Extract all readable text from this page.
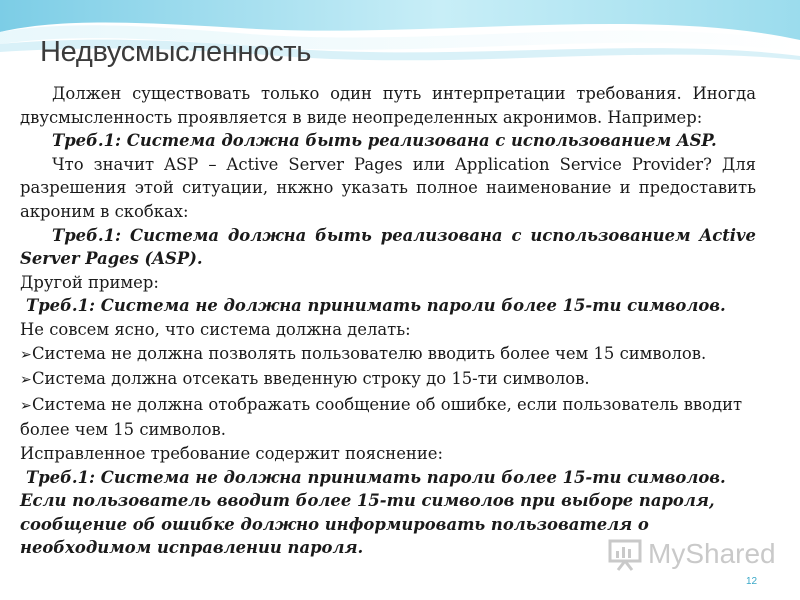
Недвусмысленность

Должен существовать только один путь интерпретации требования. Иногда двусмысленность проявляется в виде неопределенных акронимов. Например:

Треб.1: Система должна быть реализована с использованием ASP.

Что значит ASP – Active Server Pages или Application Service Provider? Для разрешения этой ситуации, нкжно указать полное наименование и предоставить акроним в скобках:

Треб.1: Система должна быть реализована с использованием Active Server Pages (ASP).

Другой пример:

Треб.1: Система не должна принимать пароли более 15-ти символов.

Не совсем ясно, что система должна делать:

➢Система не должна позволять пользователю вводить более чем 15 символов.

➢Система должна отсекать введенную строку до 15-ти символов.

➢Система не должна отображать сообщение об ошибке, если пользователь вводит более чем 15 символов.

Исправленное требование содержит пояснение:

Треб.1: Система не должна принимать пароли более 15-ти символов.

Если пользователь вводит более 15-ти символов при выборе пароля, сообщение об ошибке должно информировать пользователя о необходимом исправлении пароля.	MyShared
12
